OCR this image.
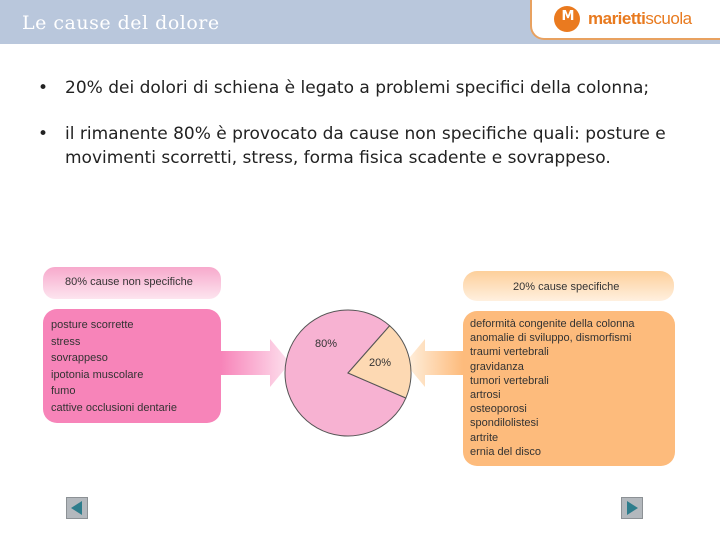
Le cause del dolore	M mariettiscuola
• 20% dei dolori di schiena è legato a problemi specifici della colonna;
• il rimanente 80% è provocato da cause non specifiche quali: posture e movimenti scorretti, stress, forma fisica scadente e sovrappeso.
80% cause non specifiche
posture scorrette
stress
sovrappeso
ipotonia muscolare
fumo
cattive occlusioni dentarie
20% cause specifiche
deformità congenite della colonna
anomalie di sviluppo, dismorfismi
traumi vertebrali
gravidanza
tumori vertebrali
artrosi
osteoporosi
spondilolistesi
artrite
ernia del disco
80%
20%
